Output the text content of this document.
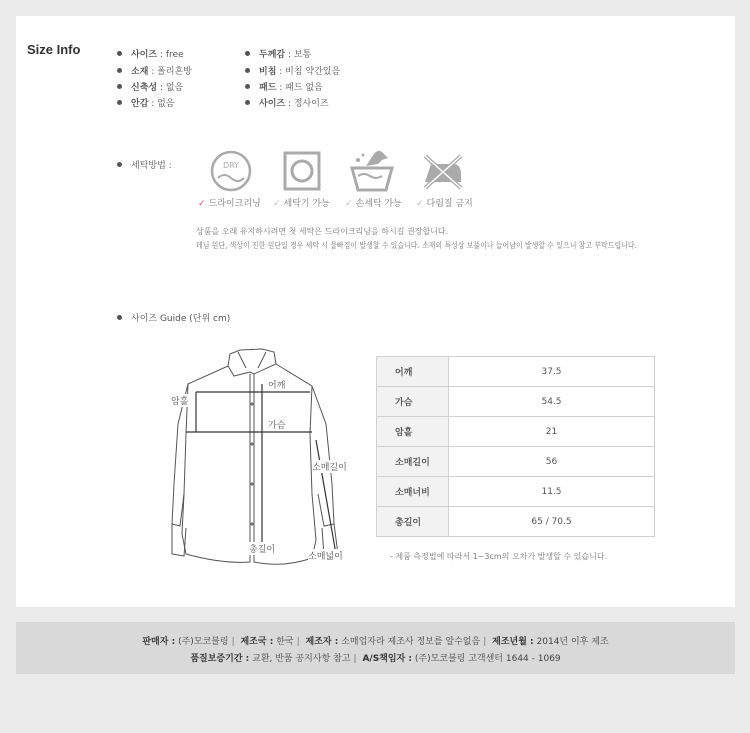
Size Info	사이즈 : free	두께감 : 보통
소재 : 폴리혼방	비침 : 비침 약간있음
신축성 : 없음	패드 : 패드 없음
안감 : 없음	사이즈 : 정사이즈
세탁방법 :	DRY
✓ 드라이크리닝 ✓ 세탁기 가능 ✓ 손세탁 가능 ✓ 다림질 금지
상품을 오래 유지하시려면 첫 세탁은 드라이크리닝을 하시길 권장합니다.
데님 원단, 색상이 진한 원단일 경우 세탁 시 물빠짐이 발생할 수 있습니다. 소재의 특성상 보풀이나 늘어남이 발생할 수 있으니 참고 부탁드립니다.
사이즈 Guide (단위 cm)
어깨
가슴
암홀
소매길이
총길이
소매넓이
어깨	37.5
가슴	54.5
암홀	21
소매길이	56
소매너비	11.5
총길이	65 / 70.5
- 제품 측정법에 따라서 1~3cm의 오차가 발생할 수 있습니다.
판매자 : (주)모코블링 | 제조국 : 한국 | 제조자 : 소매업자라 제조사 정보를 알수없음 | 제조년월 : 2014년 이후 제조
품질보증기간 : 교환, 반품 공지사항 참고 | A/S책임자 : (주)모코블링 고객센터 1644 - 1069
